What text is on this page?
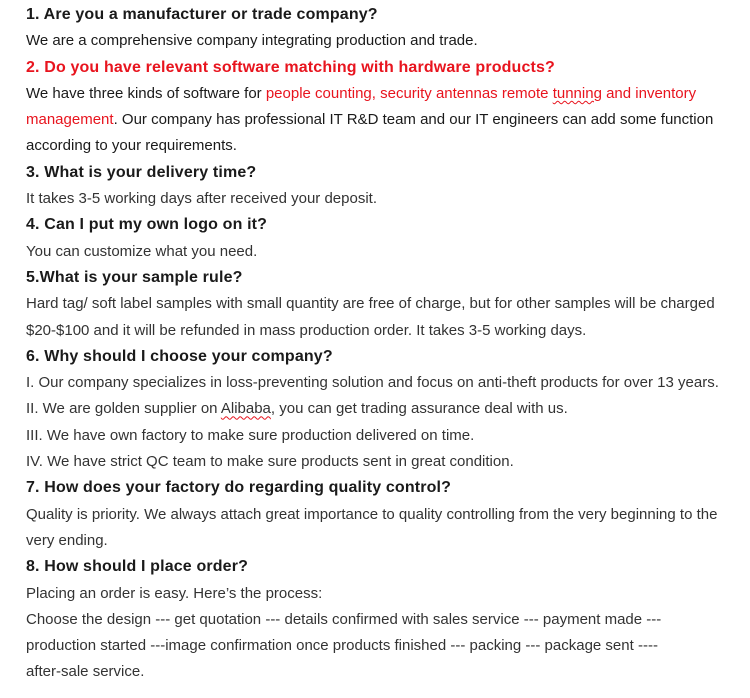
1. Are you a manufacturer or trade company?
We are a comprehensive company integrating production and trade.
2. Do you have relevant software matching with hardware products?
We have three kinds of software for people counting, security antennas remote tunning and inventory
management. Our company has professional IT R&D team and our IT engineers can add some function
according to your requirements.
3. What is your delivery time?
It takes 3-5 working days after received your deposit.
4. Can I put my own logo on it?
You can customize what you need.
5.What is your sample rule?
Hard tag/ soft label samples with small quantity are free of charge, but for other samples will be charged
$20-$100 and it will be refunded in mass production order. It takes 3-5 working days.
6. Why should I choose your company?
I. Our company specializes in loss-preventing solution and focus on anti-theft products for over 13 years.
II. We are golden supplier on Alibaba, you can get trading assurance deal with us.
III. We have own factory to make sure production delivered on time.
IV. We have strict QC team to make sure products sent in great condition.
7. How does your factory do regarding quality control?
Quality is priority. We always attach great importance to quality controlling from the very beginning to the
very ending.
8. How should I place order?
Placing an order is easy. Here’s the process:
Choose the design --- get quotation --- details confirmed with sales service --- payment made ---
production started ---image confirmation once products finished --- packing --- package sent ----
after-sale service.
